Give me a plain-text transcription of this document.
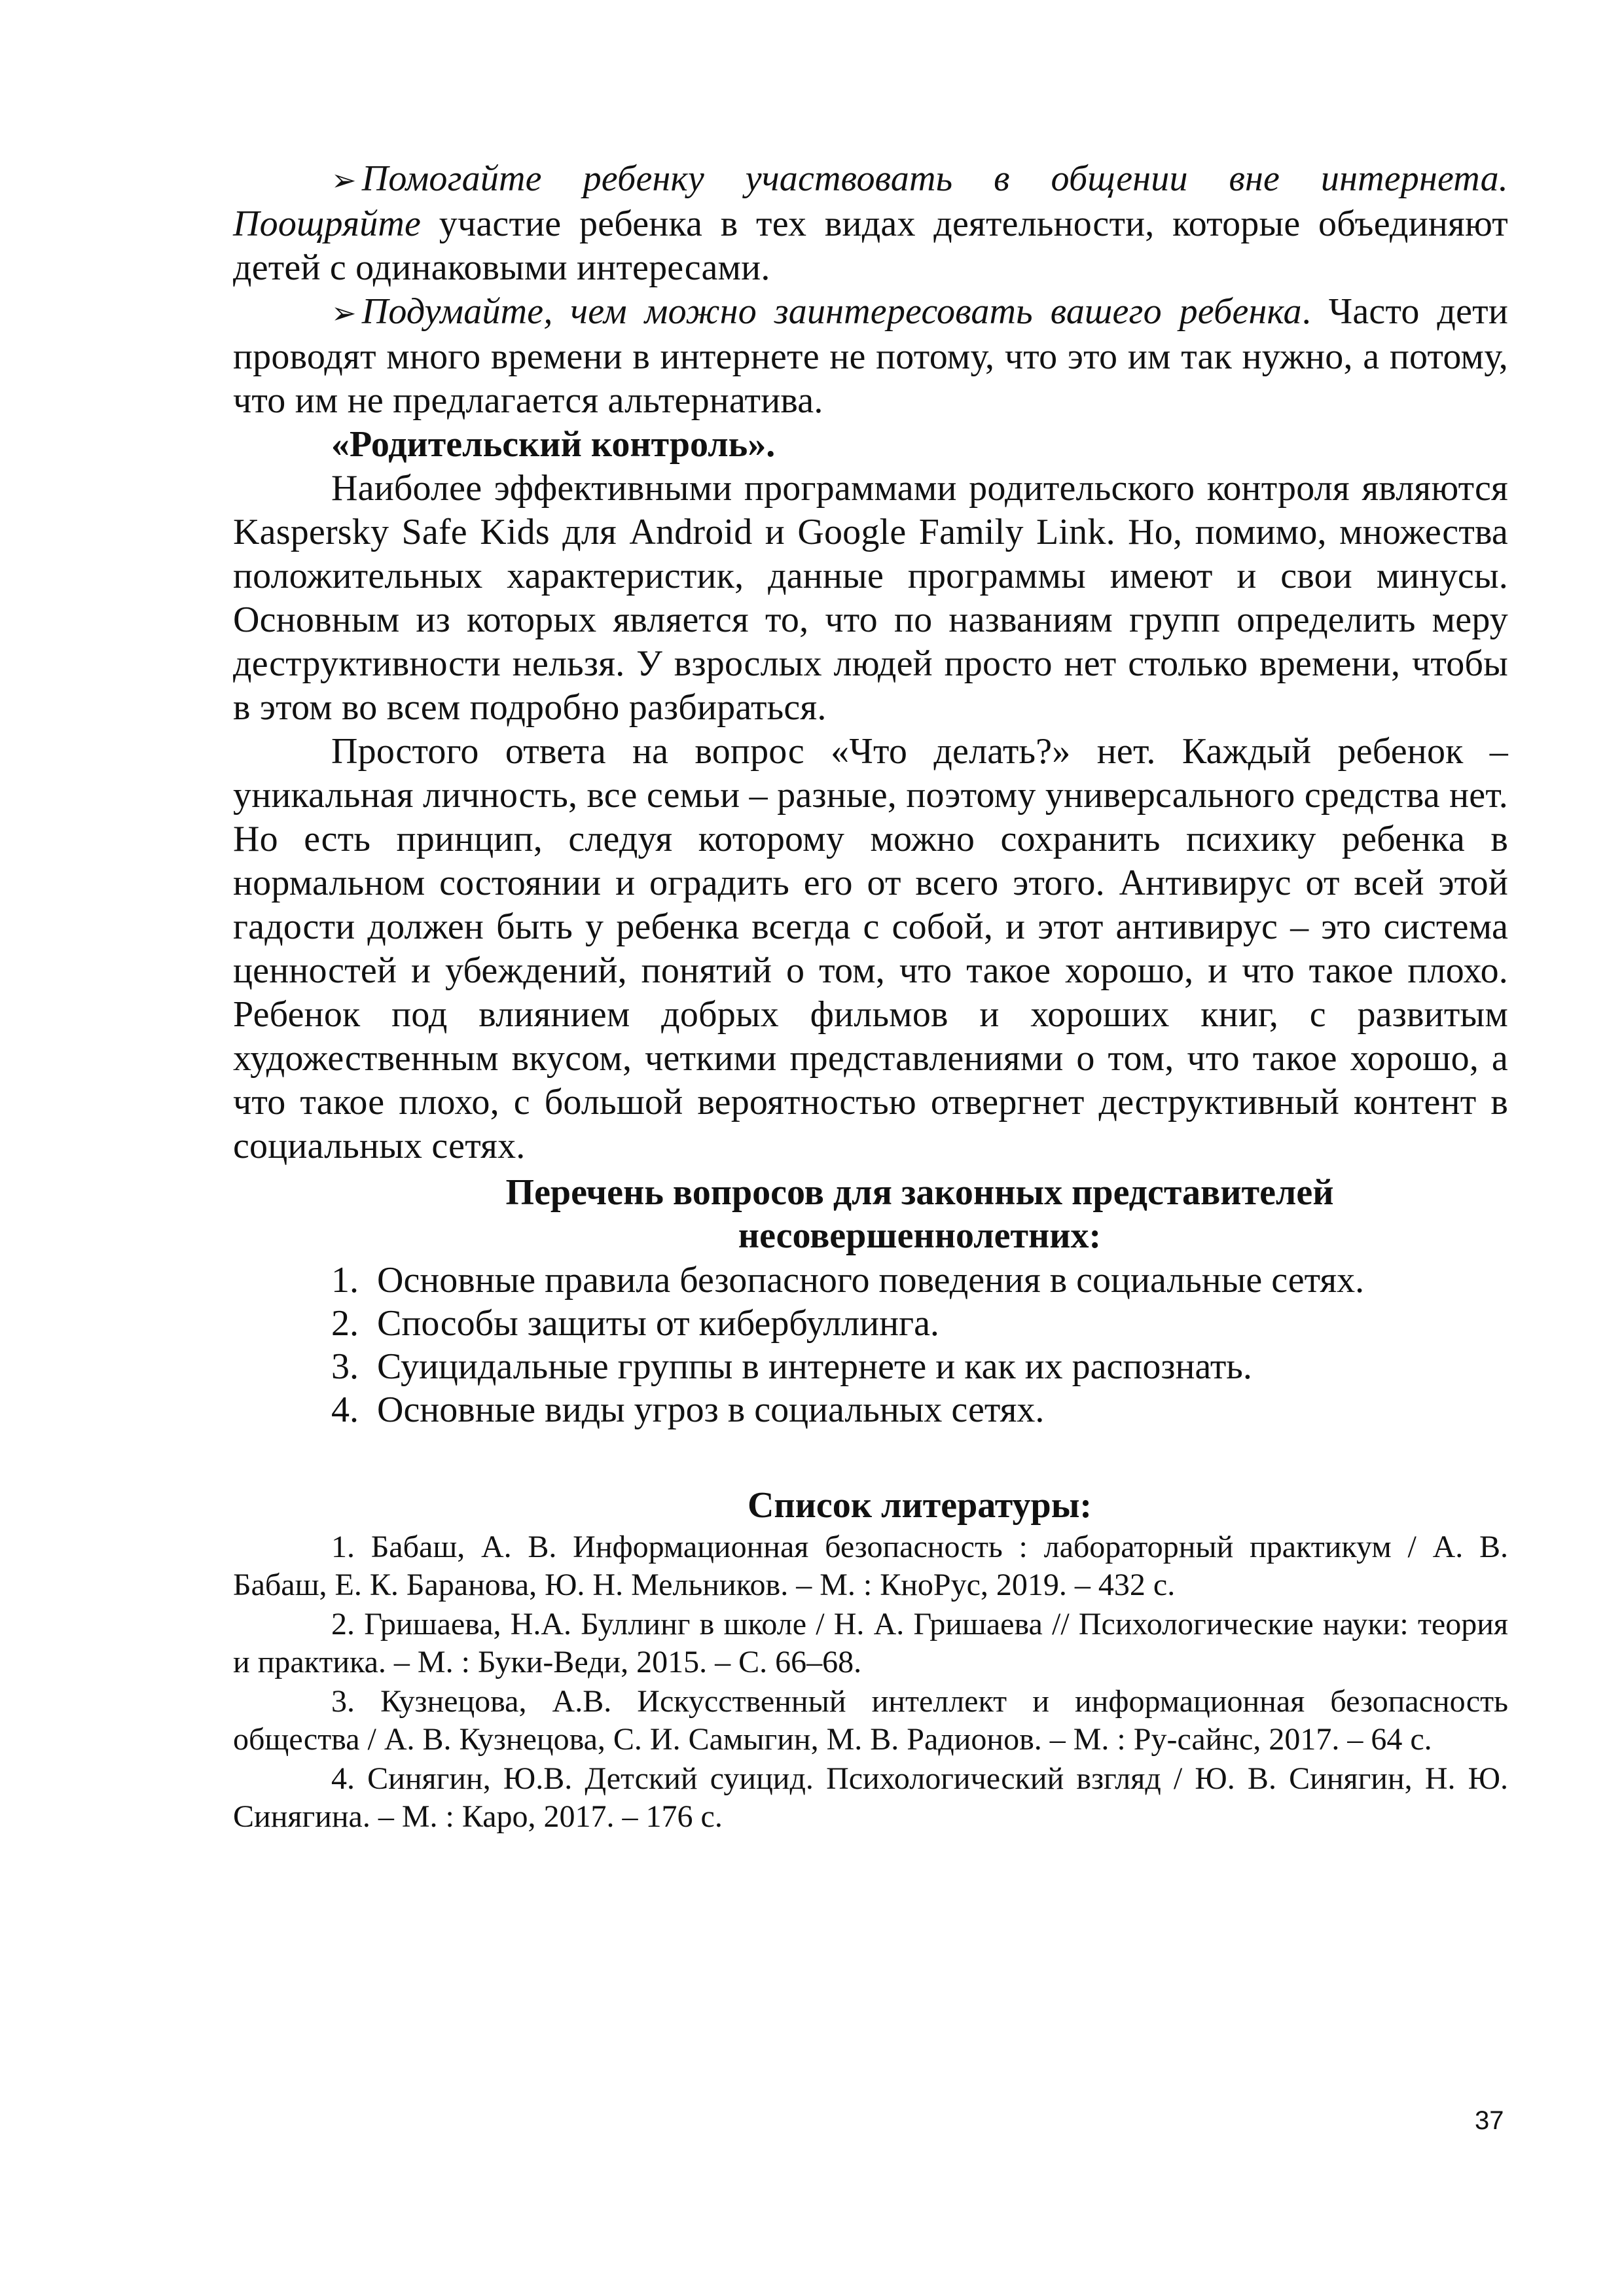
➢ Помогайте ребенку участвовать в общении вне интернета. Поощряйте участие ребенка в тех видах деятельности, которые объединяют детей с одинаковыми интересами.

➢ Подумайте, чем можно заинтересовать вашего ребенка. Часто дети проводят много времени в интернете не потому, что это им так нужно, а потому, что им не предлагается альтернатива.

«Родительский контроль».

Наиболее эффективными программами родительского контроля являются Kaspersky Safe Kids для Android и Google Family Link. Но, помимо, множества положительных характеристик, данные программы имеют и свои минусы. Основным из которых является то, что по названиям групп определить меру деструктивности нельзя. У взрослых людей просто нет столько времени, чтобы в этом во всем подробно разбираться.

Простого ответа на вопрос «Что делать?» нет. Каждый ребенок – уникальная личность, все семьи – разные, поэтому универсального средства нет. Но есть принцип, следуя которому можно сохранить психику ребенка в нормальном состоянии и оградить его от всего этого. Антивирус от всей этой гадости должен быть у ребенка всегда с собой, и этот антивирус – это система ценностей и убеждений, понятий о том, что такое хорошо, и что такое плохо. Ребенок под влиянием добрых фильмов и хороших книг, с развитым художественным вкусом, четкими представлениями о том, что такое хорошо, а что такое плохо, с большой вероятностью отвергнет деструктивный контент в социальных сетях.

Перечень вопросов для законных представителей
несовершеннолетних:
1. Основные правила безопасного поведения в социальные сетях.
2. Способы защиты от кибербуллинга.
3. Суицидальные группы в интернете и как их распознать.
4. Основные виды угроз в социальных сетях.
Список литературы:

1. Бабаш, А. В. Информационная безопасность : лабораторный практикум / А. В. Бабаш, Е. К. Баранова, Ю. Н. Мельников. – М. : КноРус, 2019. – 432 с.

2. Гришаева, Н.А. Буллинг в школе / Н. А. Гришаева // Психологические науки: теория и практика. – М. : Буки-Веди, 2015. – С. 66–68.

3. Кузнецова, А.В. Искусственный интеллект и информационная безопасность общества / А. В. Кузнецова, С. И. Самыгин, М. В. Радионов. – М. : Ру-сайнс, 2017. – 64 с.

4. Синягин, Ю.В. Детский суицид. Психологический взгляд / Ю. В. Синягин, Н. Ю. Синягина. – М. : Каро, 2017. – 176 с.

37
